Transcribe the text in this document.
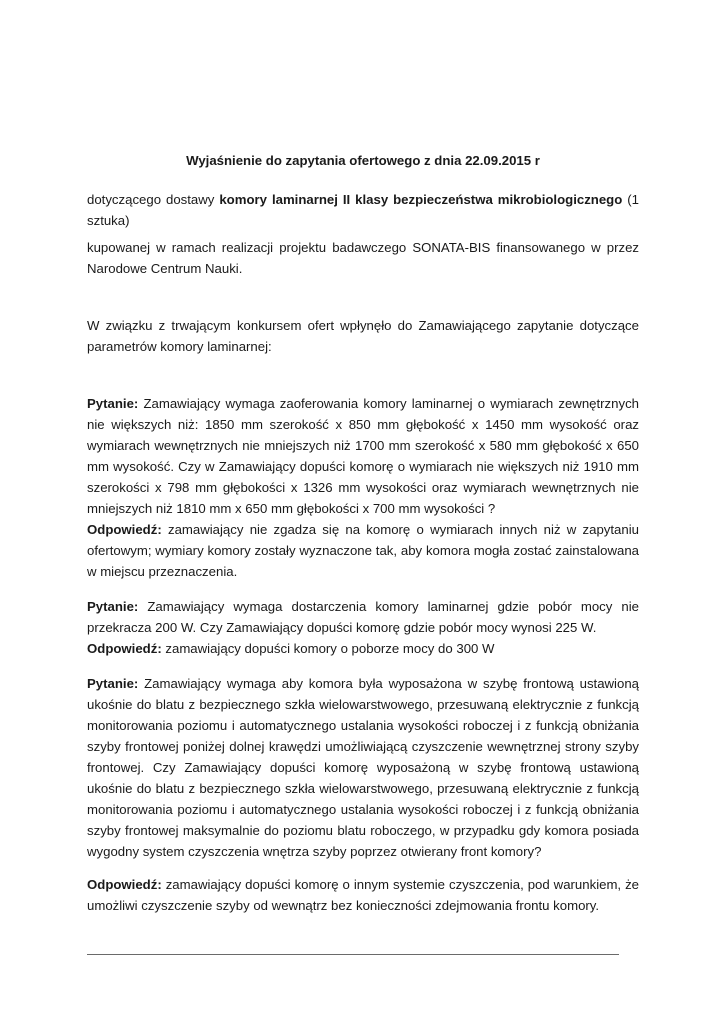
Wyjaśnienie do zapytania ofertowego z dnia 22.09.2015 r

dotyczącego dostawy komory laminarnej II klasy bezpieczeństwa mikrobiologicznego (1 sztuka)

kupowanej w ramach realizacji projektu badawczego SONATA-BIS finansowanego w przez Narodowe Centrum Nauki.

W związku z trwającym konkursem ofert wpłynęło do Zamawiającego zapytanie dotyczące parametrów komory laminarnej:

Pytanie: Zamawiający wymaga zaoferowania komory laminarnej o wymiarach zewnętrznych nie większych niż: 1850 mm szerokość x 850 mm głębokość x 1450 mm wysokość oraz wymiarach wewnętrznych nie mniejszych niż 1700 mm szerokość x 580 mm głębokość x 650 mm wysokość. Czy w Zamawiający dopuści komorę o wymiarach nie większych niż 1910 mm szerokości x 798 mm głębokości x 1326 mm wysokości oraz wymiarach wewnętrznych nie mniejszych niż 1810 mm x 650 mm głębokości x 700 mm wysokości ?

Odpowiedź: zamawiający nie zgadza się na komorę o wymiarach innych niż w zapytaniu ofertowym; wymiary komory zostały wyznaczone tak, aby komora mogła zostać zainstalowana w miejscu przeznaczenia.

Pytanie: Zamawiający wymaga dostarczenia komory laminarnej gdzie pobór mocy nie przekracza 200 W. Czy Zamawiający dopuści komorę gdzie pobór mocy wynosi 225 W.

Odpowiedź: zamawiający dopuści komory o poborze mocy do 300 W

Pytanie: Zamawiający wymaga aby komora była wyposażona w szybę frontową ustawioną ukośnie do blatu z bezpiecznego szkła wielowarstwowego, przesuwaną elektrycznie z funkcją monitorowania poziomu i automatycznego ustalania wysokości roboczej i z funkcją obniżania szyby frontowej poniżej dolnej krawędzi umożliwiającą czyszczenie wewnętrznej strony szyby frontowej. Czy Zamawiający dopuści komorę wyposażoną w szybę frontową ustawioną ukośnie do blatu z bezpiecznego szkła wielowarstwowego, przesuwaną elektrycznie z funkcją monitorowania poziomu i automatycznego ustalania wysokości roboczej i z funkcją obniżania szyby frontowej maksymalnie do poziomu blatu roboczego, w przypadku gdy komora posiada wygodny system czyszczenia wnętrza szyby poprzez otwierany front komory?

Odpowiedź: zamawiający dopuści komorę o innym systemie czyszczenia, pod warunkiem, że umożliwi czyszczenie szyby od wewnątrz bez konieczności zdejmowania frontu komory.
